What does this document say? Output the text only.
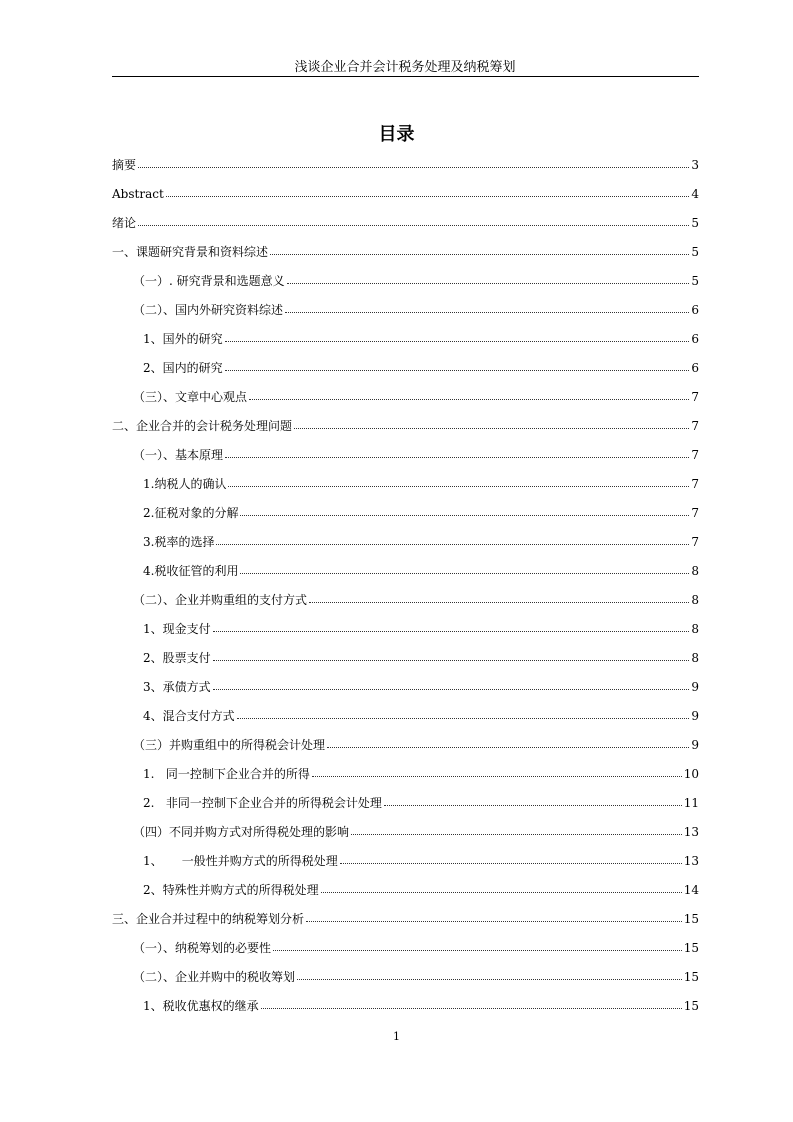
浅谈企业合并会计税务处理及纳税筹划
目录
摘要	3
Abstract	4
绪论	5
一、课题研究背景和资料综述	5
（一）. 研究背景和选题意义	5
（二）、国内外研究资料综述	6
1、国外的研究	6
2、国内的研究	6
（三）、文章中心观点	7
二、企业合并的会计税务处理问题	7
（一）、基本原理	7
1.纳税人的确认	7
2.征税对象的分解	7
3.税率的选择	7
4.税收征管的利用	8
（二）、企业并购重组的支付方式	8
1、现金支付	8
2、股票支付	8
3、承债方式	9
4、混合支付方式	9
（三）并购重组中的所得税会计处理	9
1.   同一控制下企业合并的所得	10
2.   非同一控制下企业合并的所得税会计处理	11
（四）不同并购方式对所得税处理的影响	13
1、     一般性并购方式的所得税处理	13
2、特殊性并购方式的所得税处理	14
三、企业合并过程中的纳税筹划分析	15
（一）、纳税筹划的必要性	15
（二）、企业并购中的税收筹划	15
1、税收优惠权的继承	15
1
